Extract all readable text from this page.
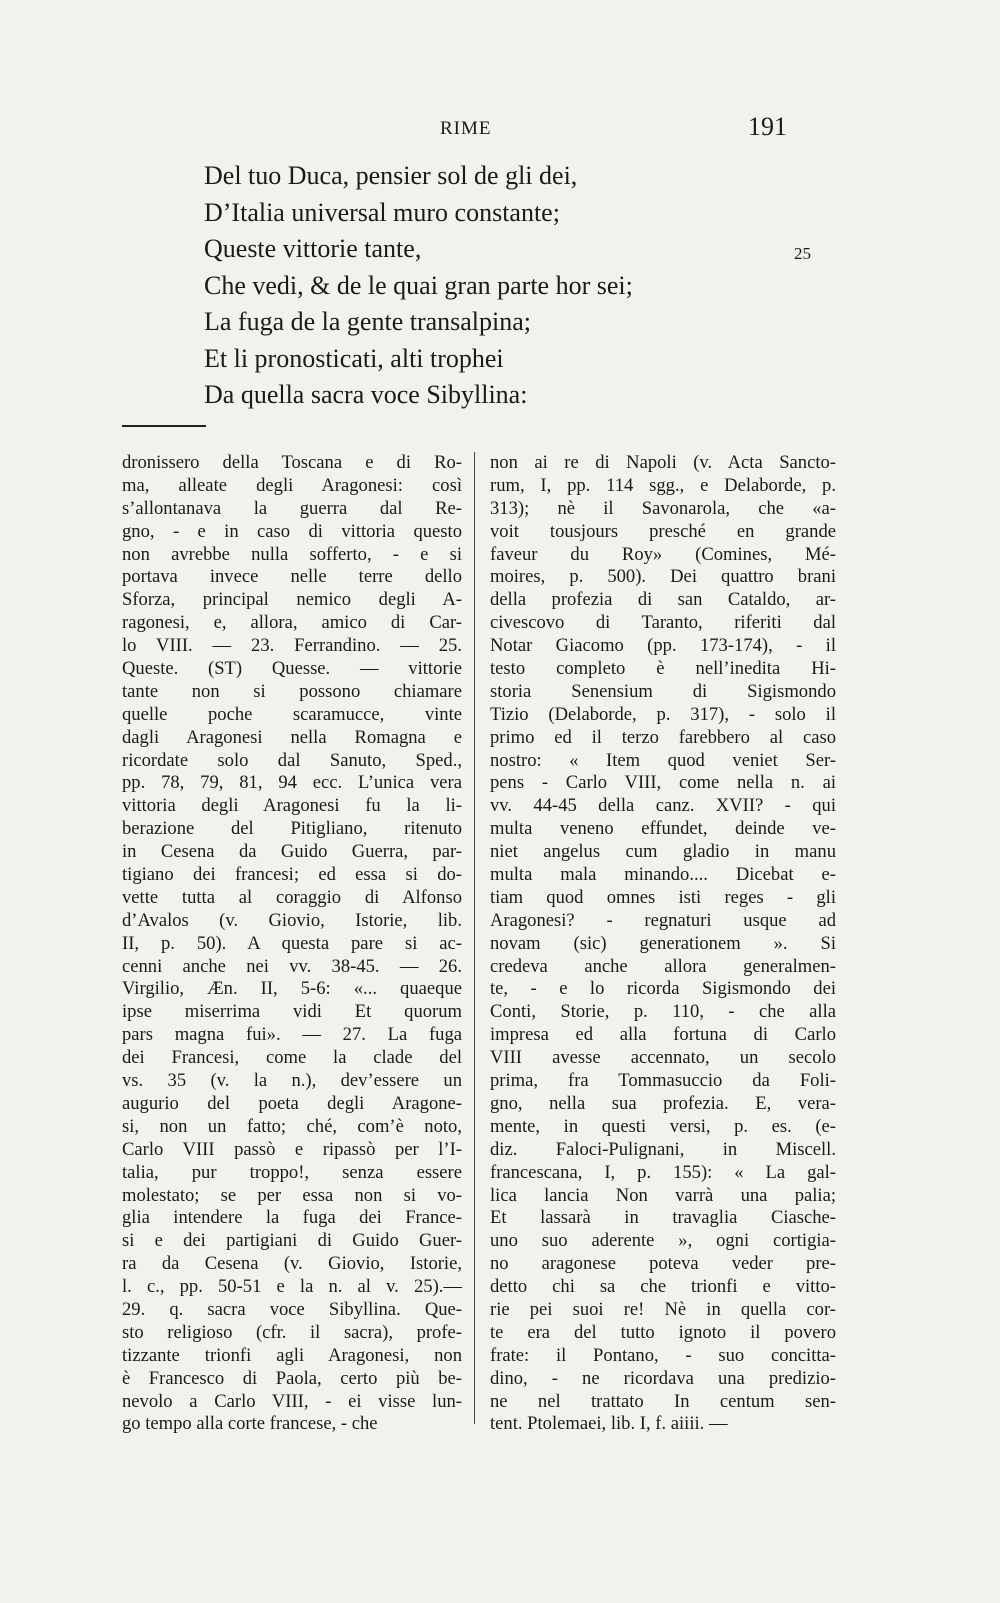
RIME	191
Del tuo Duca, pensier sol de gli dei,
D’Italia universal muro constante;
Queste vittorie tante,
Che vedi, & de le quai gran parte hor sei;
La fuga de la gente transalpina;
Et li pronosticati, alti trophei
Da quella sacra voce Sibyllina:
25
dronissero della Toscana e di Ro-
ma, alleate degli Aragonesi: così
s’allontanava la guerra dal Re-
gno, - e in caso di vittoria questo
non avrebbe nulla sofferto, - e si
portava invece nelle terre dello
Sforza, principal nemico degli A-
ragonesi, e, allora, amico di Car-
lo VIII. — 23. Ferrandino. — 25.
Queste. (ST) Quesse. — vittorie
tante non si possono chiamare
quelle poche scaramucce, vinte
dagli Aragonesi nella Romagna e
ricordate solo dal Sanuto, Sped.,
pp. 78, 79, 81, 94 ecc. L’unica vera
vittoria degli Aragonesi fu la li-
berazione del Pitigliano, ritenuto
in Cesena da Guido Guerra, par-
tigiano dei francesi; ed essa si do-
vette tutta al coraggio di Alfonso
d’Avalos (v. Giovio, Istorie, lib.
II, p. 50). A questa pare si ac-
cenni anche nei vv. 38-45. — 26.
Virgilio, Æn. II, 5-6: «... quaeque
ipse miserrima vidi Et quorum
pars magna fui». — 27. La fuga
dei Francesi, come la clade del
vs. 35 (v. la n.), dev’essere un
augurio del poeta degli Aragone-
si, non un fatto; ché, com’è noto,
Carlo VIII passò e ripassò per l’I-
talia, pur troppo!, senza essere
molestato; se per essa non si vo-
glia intendere la fuga dei France-
si e dei partigiani di Guido Guer-
ra da Cesena (v. Giovio, Istorie,
l. c., pp. 50-51 e la n. al v. 25).—
29. q. sacra voce Sibyllina. Que-
sto religioso (cfr. il sacra), profe-
tizzante trionfi agli Aragonesi, non
è Francesco di Paola, certo più be-
nevolo a Carlo VIII, - ei visse lun-
go tempo alla corte francese, - che
non ai re di Napoli (v. Acta Sancto-
rum, I, pp. 114 sgg., e Delaborde, p.
313); nè il Savonarola, che «a-
voit tousjours presché en grande
faveur du Roy» (Comines, Mé-
moires, p. 500). Dei quattro brani
della profezia di san Cataldo, ar-
civescovo di Taranto, riferiti dal
Notar Giacomo (pp. 173-174), - il
testo completo è nell’inedita Hi-
storia Senensium di Sigismondo
Tizio (Delaborde, p. 317), - solo il
primo ed il terzo farebbero al caso
nostro: « Item quod veniet Ser-
pens - Carlo VIII, come nella n. ai
vv. 44-45 della canz. XVII? - qui
multa veneno effundet, deinde ve-
niet angelus cum gladio in manu
multa mala minando.... Dicebat e-
tiam quod omnes isti reges - gli
Aragonesi? - regnaturi usque ad
novam (sic) generationem ». Si
credeva anche allora generalmen-
te, - e lo ricorda Sigismondo dei
Conti, Storie, p. 110, - che alla
impresa ed alla fortuna di Carlo
VIII avesse accennato, un secolo
prima, fra Tommasuccio da Foli-
gno, nella sua profezia. E, vera-
mente, in questi versi, p. es. (e-
diz. Faloci-Pulignani, in Miscell.
francescana, I, p. 155): « La gal-
lica lancia Non varrà una palia;
Et lassarà in travaglia Ciasche-
uno suo aderente », ogni cortigia-
no aragonese poteva veder pre-
detto chi sa che trionfi e vitto-
rie pei suoi re! Nè in quella cor-
te era del tutto ignoto il povero
frate: il Pontano, - suo concitta-
dino, - ne ricordava una predizio-
ne nel trattato In centum sen-
tent. Ptolemaei, lib. I, f. aiiii. —
